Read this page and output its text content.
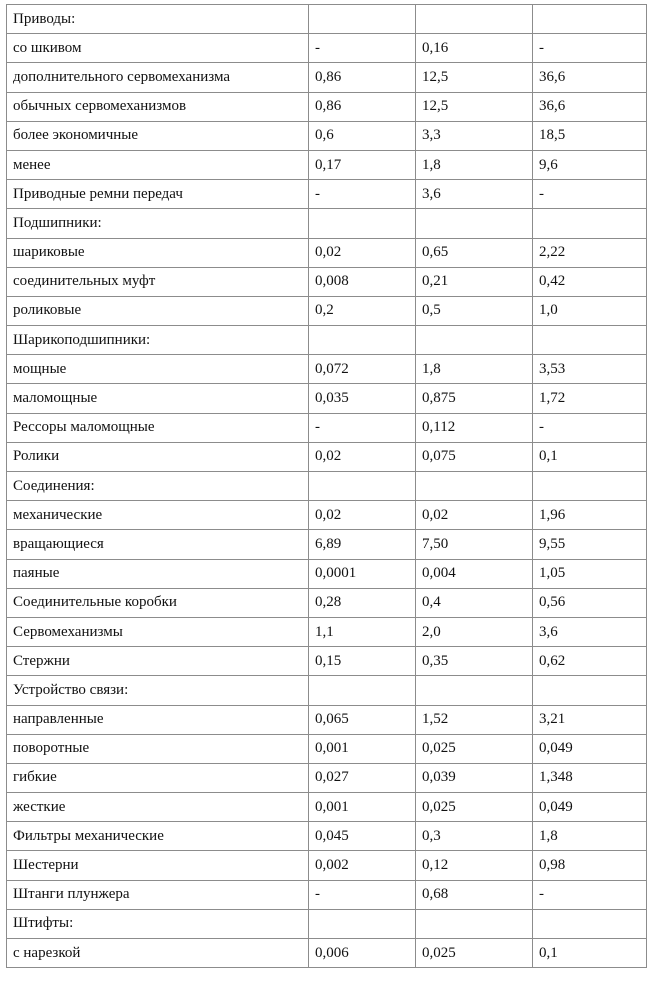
Приводы:			
со шкивом	-	0,16	-
дополнительного сервомеханизма	0,86	12,5	36,6
обычных сервомеханизмов	0,86	12,5	36,6
более экономичные	0,6	3,3	18,5
менее	0,17	1,8	9,6
Приводные ремни передач	-	3,6	-
Подшипники:			
шариковые	0,02	0,65	2,22
соединительных муфт	0,008	0,21	0,42
роликовые	0,2	0,5	1,0
Шарикоподшипники:			
мощные	0,072	1,8	3,53
маломощные	0,035	0,875	1,72
Рессоры маломощные	-	0,112	-
Ролики	0,02	0,075	0,1
Соединения:			
механические	0,02	0,02	1,96
вращающиеся	6,89	7,50	9,55
паяные	0,0001	0,004	1,05
Соединительные коробки	0,28	0,4	0,56
Сервомеханизмы	1,1	2,0	3,6
Стержни	0,15	0,35	0,62
Устройство связи:			
направленные	0,065	1,52	3,21
поворотные	0,001	0,025	0,049
гибкие	0,027	0,039	1,348
жесткие	0,001	0,025	0,049
Фильтры механические	0,045	0,3	1,8
Шестерни	0,002	0,12	0,98
Штанги плунжера	-	0,68	-
Штифты:			
с нарезкой	0,006	0,025	0,1
